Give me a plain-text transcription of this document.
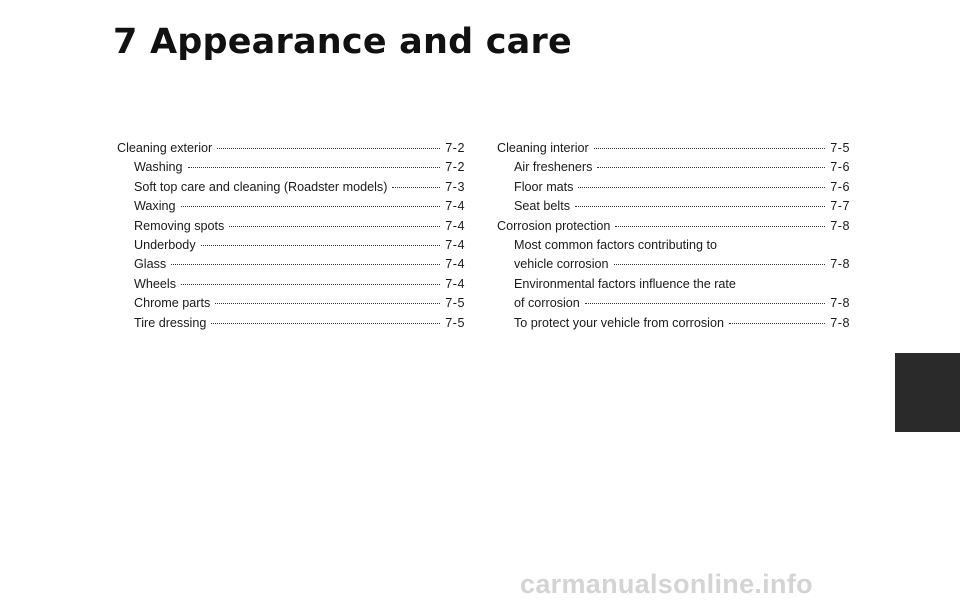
7 Appearance and care
Cleaning exterior	7-2
Washing	7-2
Soft top care and cleaning (Roadster models)	7-3
Waxing	7-4
Removing spots	7-4
Underbody	7-4
Glass	7-4
Wheels	7-4
Chrome parts	7-5
Tire dressing	7-5
Cleaning interior	7-5
Air fresheners	7-6
Floor mats	7-6
Seat belts	7-7
Corrosion protection	7-8
Most common factors contributing to
vehicle corrosion	7-8
Environmental factors influence the rate
of corrosion	7-8
To protect your vehicle from corrosion	7-8
carmanualsonline.info
